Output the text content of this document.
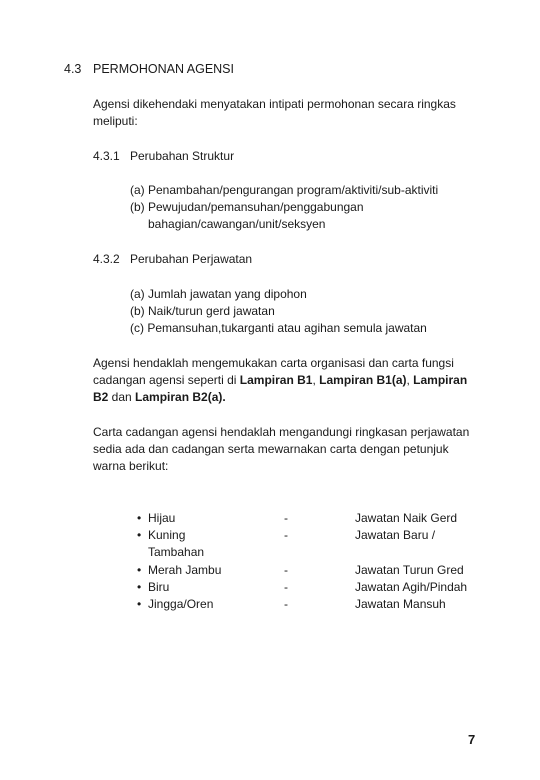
4.3 PERMOHONAN AGENSI
Agensi dikehendaki menyatakan intipati permohonan secara ringkas
meliputi:
4.3.1 Perubahan Struktur
(a) Penambahan/pengurangan program/aktiviti/sub-aktiviti
(b) Pewujudan/pemansuhan/penggabungan
bahagian/cawangan/unit/seksyen
4.3.2 Perubahan Perjawatan
(a) Jumlah jawatan yang dipohon
(b) Naik/turun gerd jawatan
(c) Pemansuhan,tukarganti atau agihan semula jawatan
Agensi hendaklah mengemukakan carta organisasi dan carta fungsi
cadangan agensi seperti di Lampiran B1, Lampiran B1(a), Lampiran
B2 dan Lampiran B2(a).
Carta cadangan agensi hendaklah mengandungi ringkasan perjawatan
sedia ada dan cadangan serta mewarnakan carta dengan petunjuk
warna berikut:
• Hijau	-	Jawatan Naik Gerd
• Kuning	-	Jawatan Baru /
Tambahan
• Merah Jambu	-	Jawatan Turun Gred
• Biru	-	Jawatan Agih/Pindah
• Jingga/Oren	-	Jawatan Mansuh
7
